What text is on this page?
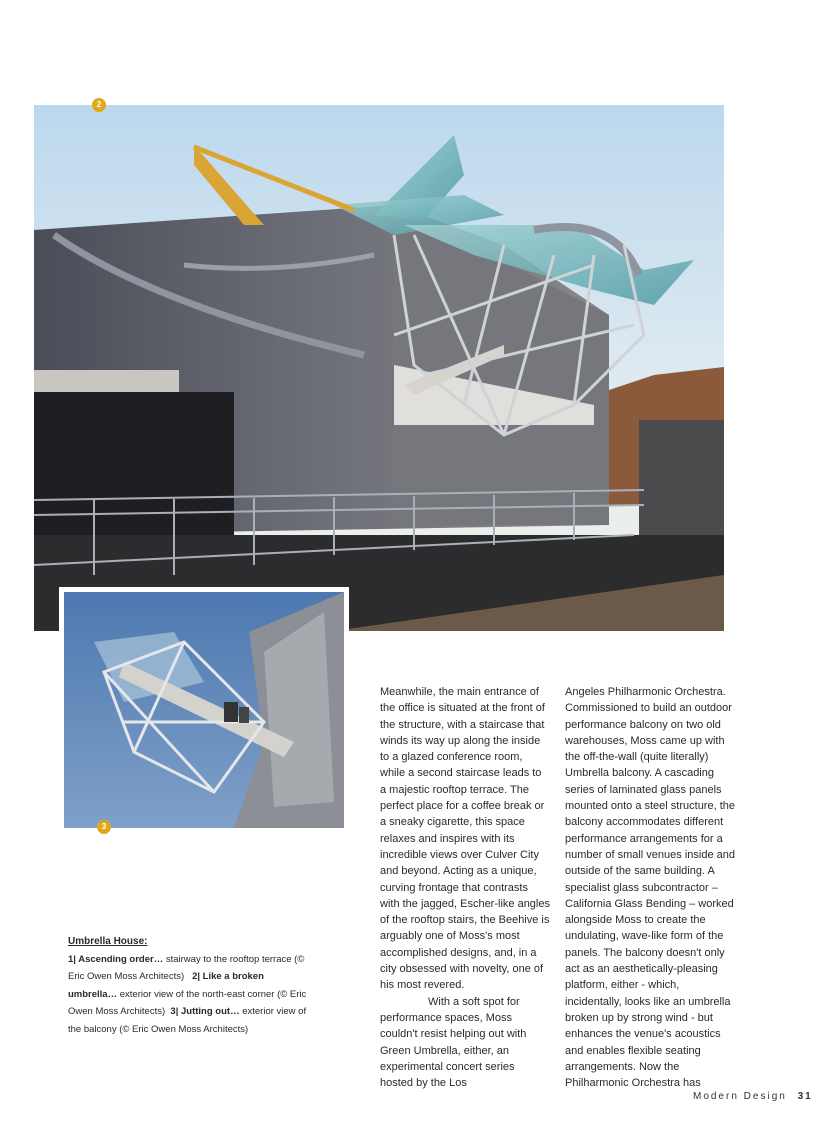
2
3

Meanwhile, the main entrance of the office is situated at the front of the structure, with a staircase that winds its way up along the inside to a glazed conference room, while a second staircase leads to a majestic rooftop terrace. The perfect place for a coffee break or a sneaky cigarette, this space relaxes and inspires with its incredible views over Culver City and beyond. Acting as a unique, curving frontage that contrasts with the jagged, Escher-like angles of the rooftop stairs, the Beehive is arguably one of Moss's most accomplished designs, and, in a city obsessed with novelty, one of his most revered.

With a soft spot for performance spaces, Moss couldn't resist helping out with Green Umbrella, either, an experimental concert series hosted by the Los

Angeles Philharmonic Orchestra. Commissioned to build an outdoor performance balcony on two old warehouses, Moss came up with the off-the-wall (quite literally) Umbrella balcony. A cascading series of laminated glass panels mounted onto a steel structure, the balcony accommodates different performance arrangements for a number of small venues inside and outside of the same building. A specialist glass subcontractor – California Glass Bending – worked alongside Moss to create the undulating, wave-like form of the panels. The balcony doesn't only act as an aesthetically-pleasing platform, either - which, incidentally, looks like an umbrella broken up by strong wind - but enhances the venue's acoustics and enables flexible seating arrangements. Now the Philharmonic Orchestra has

Umbrella House:
1| Ascending order… stairway to the rooftop terrace (© Eric Owen Moss Architects) 2| Like a broken umbrella… exterior view of the north-east corner (© Eric Owen Moss Architects) 3| Jutting out… exterior view of the balcony (© Eric Owen Moss Architects)
Modern Design 31
